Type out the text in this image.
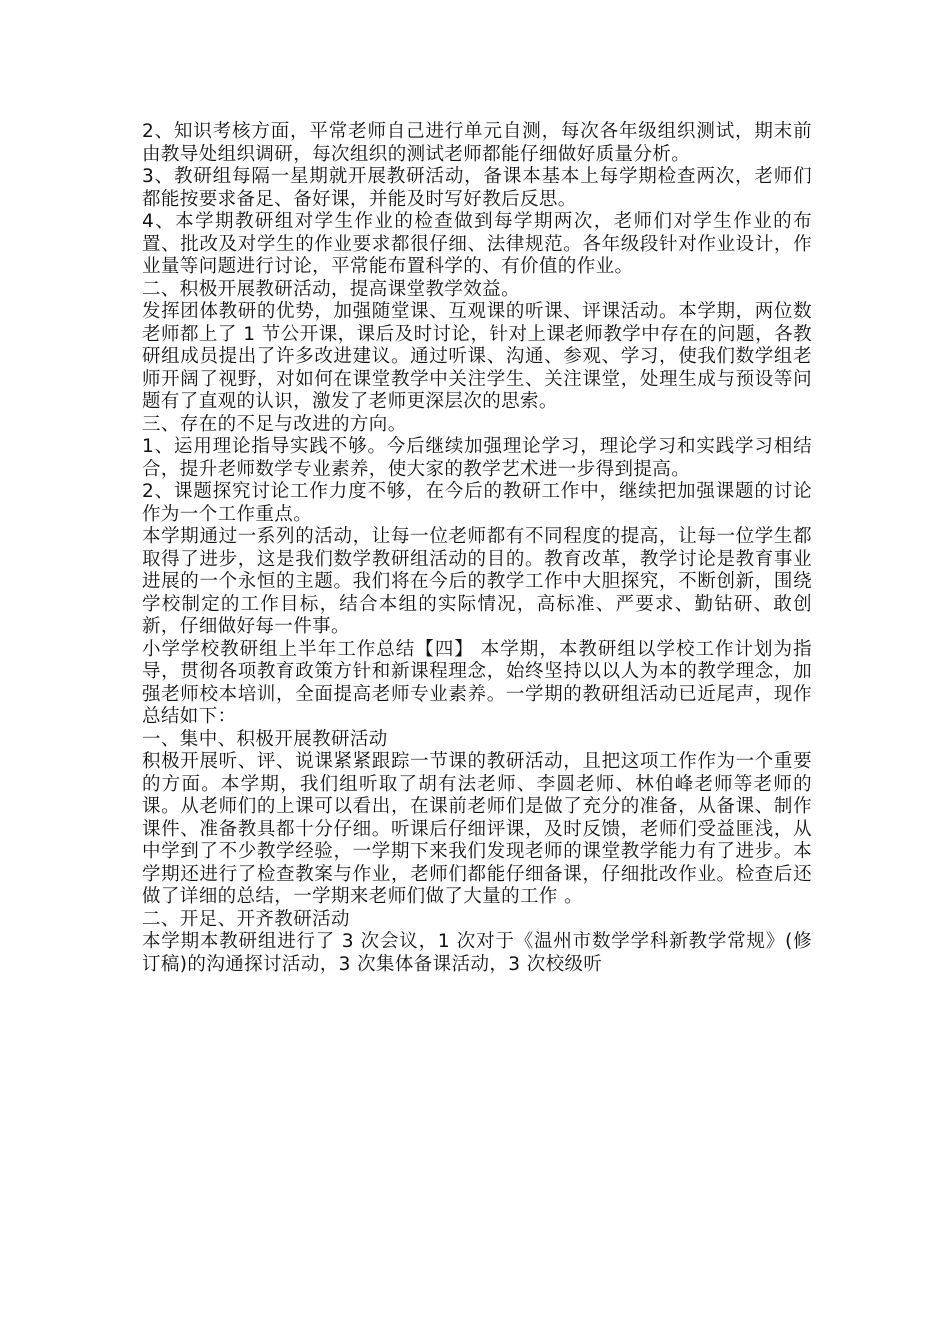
2、知识考核方面，平常老师自己进行单元自测，每次各年级组织测试，期末前由教导处组织调研，每次组织的测试老师都能仔细做好质量分析。

3、教研组每隔一星期就开展教研活动，备课本基本上每学期检查两次，老师们都能按要求备足、备好课，并能及时写好教后反思。

4、本学期教研组对学生作业的检查做到每学期两次，老师们对学生作业的布置、批改及对学生的作业要求都很仔细、法律规范。各年级段针对作业设计，作业量等问题进行讨论，平常能布置科学的、有价值的作业。

二、积极开展教研活动，提高课堂教学效益。

发挥团体教研的优势，加强随堂课、互观课的听课、评课活动。本学期，两位数老师都上了 1 节公开课，课后及时讨论，针对上课老师教学中存在的问题，各教研组成员提出了许多改进建议。通过听课、沟通、参观、学习，使我们数学组老师开阔了视野，对如何在课堂教学中关注学生、关注课堂，处理生成与预设等问题有了直观的认识，激发了老师更深层次的思索。

三、存在的不足与改进的方向。

1、运用理论指导实践不够。今后继续加强理论学习，理论学习和实践学习相结合，提升老师数学专业素养，使大家的教学艺术进一步得到提高。

2、课题探究讨论工作力度不够，在今后的教研工作中，继续把加强课题的讨论作为一个工作重点。

本学期通过一系列的活动，让每一位老师都有不同程度的提高，让每一位学生都取得了进步，这是我们数学教研组活动的目的。教育改革，教学讨论是教育事业进展的一个永恒的主题。我们将在今后的教学工作中大胆探究，不断创新，围绕学校制定的工作目标，结合本组的实际情况，高标准、严要求、勤钻研、敢创新，仔细做好每一件事。

小学学校教研组上半年工作总结【四】 本学期，本教研组以学校工作计划为指导，贯彻各项教育政策方针和新课程理念，始终坚持以以人为本的教学理念，加强老师校本培训，全面提高老师专业素养。一学期的教研组活动已近尾声，现作总结如下：

一、集中、积极开展教研活动

积极开展听、评、说课紧紧跟踪一节课的教研活动，且把这项工作作为一个重要的方面。本学期，我们组听取了胡有法老师、李圆老师、林伯峰老师等老师的课。从老师们的上课可以看出，在课前老师们是做了充分的准备，从备课、制作课件、准备教具都十分仔细。听课后仔细评课，及时反馈，老师们受益匪浅，从中学到了不少教学经验，一学期下来我们发现老师的课堂教学能力有了进步。本学期还进行了检查教案与作业，老师们都能仔细备课，仔细批改作业。检查后还做了详细的总结，一学期来老师们做了大量的工作 。

二、开足、开齐教研活动

本学期本教研组进行了 3 次会议，1 次对于《温州市数学学科新教学常规》(修订稿)的沟通探讨活动，3 次集体备课活动，3 次校级听
